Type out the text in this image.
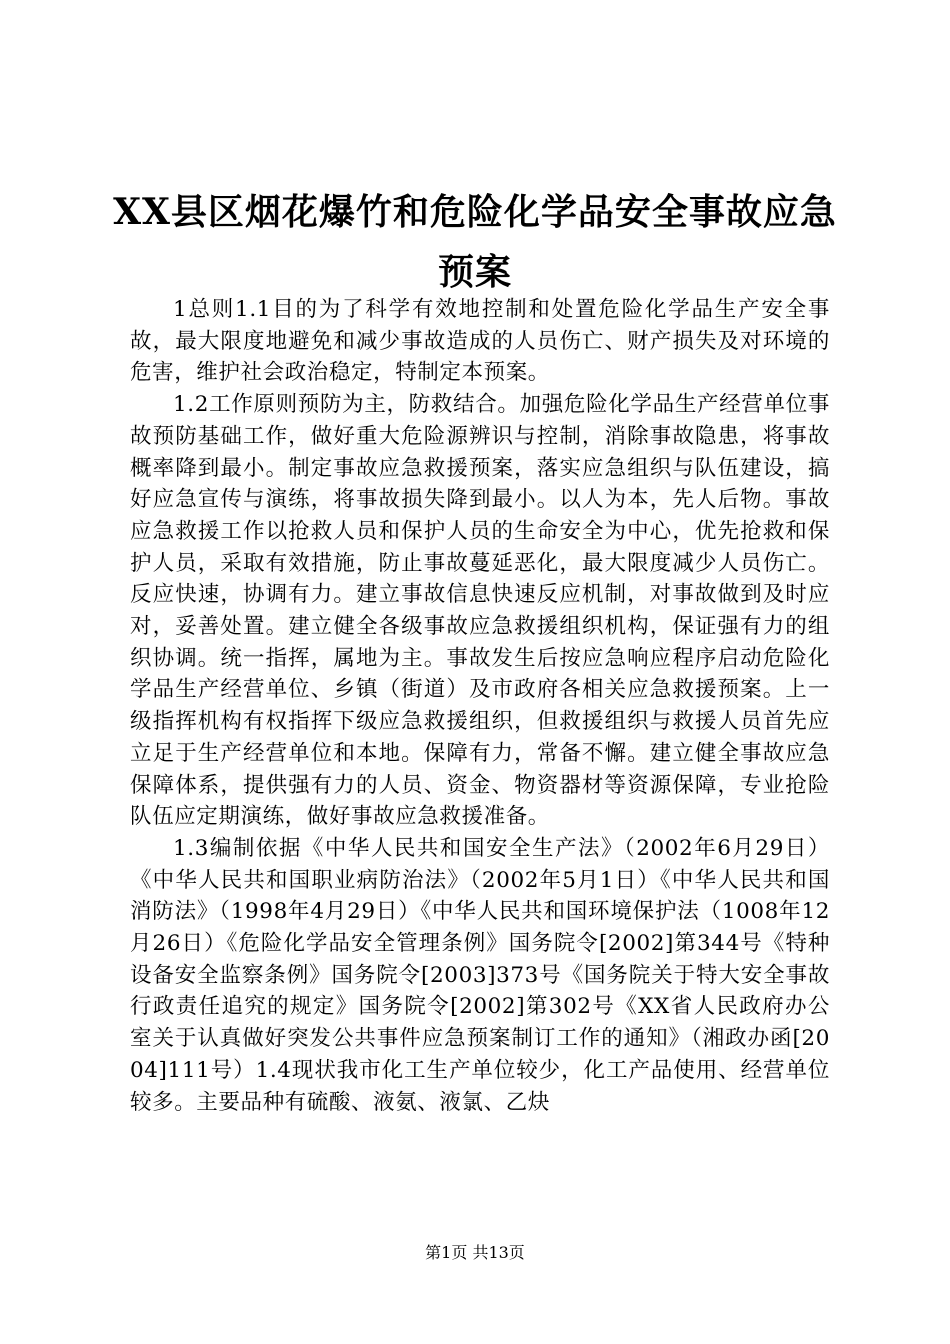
XX县区烟花爆竹和危险化学品安全事故应急
预案

1总则1.1目的为了科学有效地控制和处置危险化学品生产安全事故，最大限度地避免和减少事故造成的人员伤亡、财产损失及对环境的危害，维护社会政治稳定，特制定本预案。

1.2工作原则预防为主，防救结合。加强危险化学品生产经营单位事故预防基础工作，做好重大危险源辨识与控制，消除事故隐患，将事故概率降到最小。制定事故应急救援预案，落实应急组织与队伍建设，搞好应急宣传与演练，将事故损失降到最小。以人为本，先人后物。事故应急救援工作以抢救人员和保护人员的生命安全为中心，优先抢救和保护人员，采取有效措施，防止事故蔓延恶化，最大限度减少人员伤亡。反应快速，协调有力。建立事故信息快速反应机制，对事故做到及时应对，妥善处置。建立健全各级事故应急救援组织机构，保证强有力的组织协调。统一指挥，属地为主。事故发生后按应急响应程序启动危险化学品生产经营单位、乡镇（街道）及市政府各相关应急救援预案。上一级指挥机构有权指挥下级应急救援组织，但救援组织与救援人员首先应立足于生产经营单位和本地。保障有力，常备不懈。建立健全事故应急保障体系，提供强有力的人员、资金、物资器材等资源保障，专业抢险队伍应定期演练，做好事故应急救援准备。

1.3编制依据《中华人民共和国安全生产法》（2002年6月29日）《中华人民共和国职业病防治法》（2002年5月1日）《中华人民共和国消防法》（1998年4月29日）《中华人民共和国环境保护法（1008年12月26日）《危险化学品安全管理条例》国务院令[2002]第344号《特种设备安全监察条例》国务院令[2003]373号《国务院关于特大安全事故行政责任追究的规定》国务院令[2002]第302号《XX省人民政府办公室关于认真做好突发公共事件应急预案制订工作的通知》（湘政办函[2004]111号）1.4现状我市化工生产单位较少，化工产品使用、经营单位较多。主要品种有硫酸、液氨、液氯、乙炔

第1页 共13页
